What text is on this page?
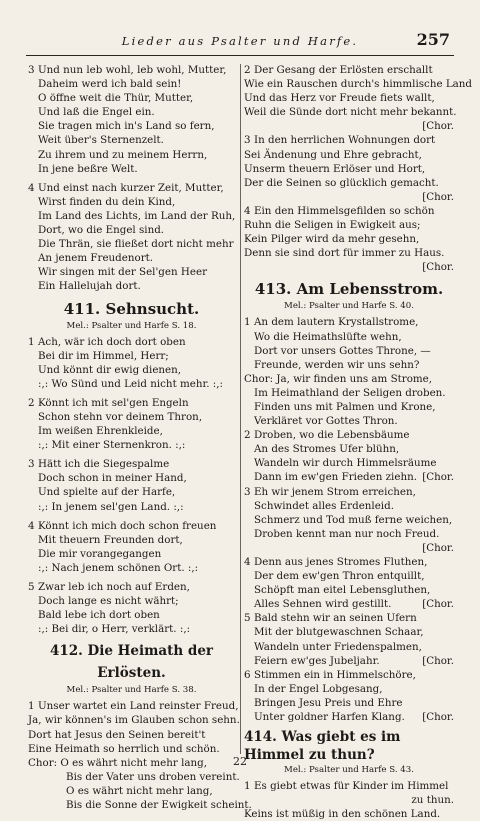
Lieder aus Psalter und Harfe.	257
3 Und nun leb wohl, leb wohl, Mutter,
Daheim werd ich bald sein!
O öffne weit die Thür, Mutter,
Und laß die Engel ein.
Sie tragen mich in's Land so fern,
Weit über's Sternenzelt.
Zu ihrem und zu meinem Herrn,
In jene beßre Welt.
4 Und einst nach kurzer Zeit, Mutter,
Wirst finden du dein Kind,
Im Land des Lichts, im Land der Ruh,
Dort, wo die Engel sind.
Die Thrän, sie fließet dort nicht mehr
An jenem Freudenort.
Wir singen mit der Sel'gen Heer
Ein Hallelujah dort.
411. Sehnsucht.
Mel.: Psalter und Harfe S. 18.
1 Ach, wär ich doch dort oben
Bei dir im Himmel, Herr;
Und könnt dir ewig dienen,
:,: Wo Sünd und Leid nicht mehr. :,:
2 Könnt ich mit sel'gen Engeln
Schon stehn vor deinem Thron,
Im weißen Ehrenkleide,
:,: Mit einer Sternenkron. :,:
3 Hätt ich die Siegespalme
Doch schon in meiner Hand,
Und spielte auf der Harfe,
:,: In jenem sel'gen Land. :,:
4 Könnt ich mich doch schon freuen
Mit theuern Freunden dort,
Die mir vorangegangen
:,: Nach jenem schönen Ort. :,:
5 Zwar leb ich noch auf Erden,
Doch lange es nicht währt;
Bald lebe ich dort oben
:,: Bei dir, o Herr, verklärt. :,:
412. Die Heimath der Erlösten.
Mel.: Psalter und Harfe S. 38.
1 Unser wartet ein Land reinster Freud,
Ja, wir können's im Glauben schon sehn.
Dort hat Jesus den Seinen bereit't
Eine Heimath so herrlich und schön.
Chor: O es währt nicht mehr lang,
Bis der Vater uns droben vereint.
O es währt nicht mehr lang,
Bis die Sonne der Ewigkeit scheint.
2 Der Gesang der Erlösten erschallt
Wie ein Rauschen durch's himmlische Land
Und das Herz vor Freude fiets wallt,
Weil die Sünde dort nicht mehr bekannt.
[Chor.
3 In den herrlichen Wohnungen dort
Sei Ändenung und Ehre gebracht,
Unserm theuern Erlöser und Hort,
Der die Seinen so glücklich gemacht.
[Chor.
4 Ein den Himmelsgefilden so schön
Ruhn die Seligen in Ewigkeit aus;
Kein Pilger wird da mehr gesehn,
Denn sie sind dort für immer zu Haus.
[Chor.
413. Am Lebensstrom.
Mel.: Psalter und Harfe S. 40.
1 An dem lautern Krystallstrome,
Wo die Heimathslüfte wehn,
Dort vor unsers Gottes Throne, —
Freunde, werden wir uns sehn?
Chor: Ja, wir finden uns am Strome,
Im Heimathland der Seligen droben.
Finden uns mit Palmen und Krone,
Verkläret vor Gottes Thron.
2 Droben, wo die Lebensbäume
An des Stromes Ufer blühn,
Wandeln wir durch Himmelsräume
Dann im ew'gen Frieden ziehn. [Chor.
3 Eh wir jenem Strom erreichen,
Schwindet alles Erdenleid.
Schmerz und Tod muß ferne weichen,
Droben kennt man nur noch Freud.
[Chor.
4 Denn aus jenes Stromes Fluthen,
Der dem ew'gen Thron entquillt,
Schöpft man eitel Lebensgluthen,
Alles Sehnen wird gestillt.	[Chor.
5 Bald stehn wir an seinen Ufern
Mit der blutgewaschnen Schaar,
Wandeln unter Friedenspalmen,
Feiern ew'ges Jubeljahr.	[Chor.
6 Stimmen ein in Himmelschöre,
In der Engel Lobgesang,
Bringen Jesu Preis und Ehre
Unter goldner Harfen Klang. [Chor.
414. Was giebt es im Himmel zu thun?
Mel.: Psalter und Harfe S. 43.
1 Es giebt etwas für Kinder im Himmel
zu thun.
Keins ist müßig in den schönen Land.
22
